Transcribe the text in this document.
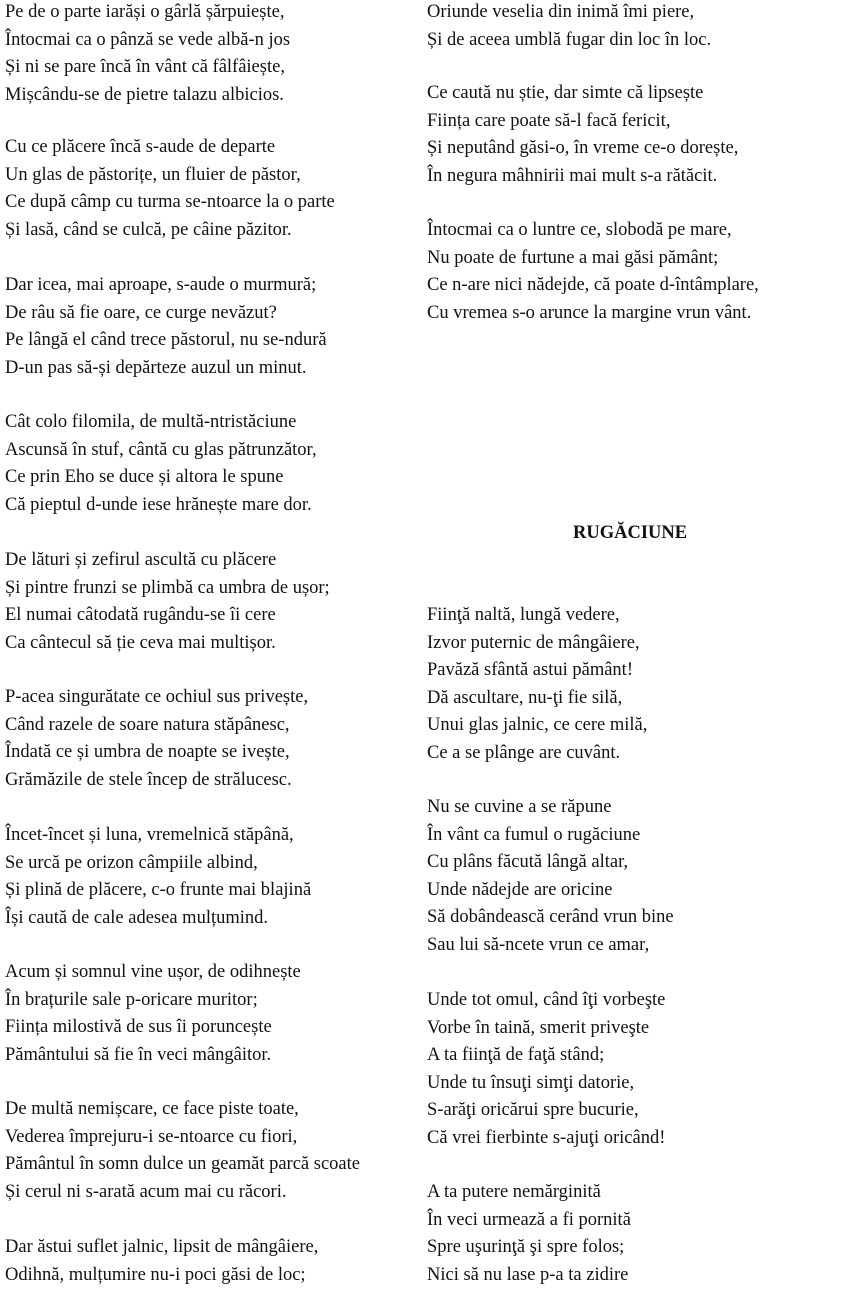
Pe de o parte iarăși o gârlă șărpuiește,
Întocmai ca o pânză se vede albă-n jos
Și ni se pare încă în vânt că fâlfâiește,
Mișcându-se de pietre talazu albicios.
Cu ce plăcere încă s-aude de departe
Un glas de păstorițe, un fluier de păstor,
Ce după câmp cu turma se-ntoarce la o parte
Și lasă, când se culcă, pe câine păzitor.
Dar icea, mai aproape, s-aude o murmură;
De râu să fie oare, ce curge nevăzut?
Pe lângă el când trece păstorul, nu se-ndură
D-un pas să-și depărteze auzul un minut.
Cât colo filomila, de multă-ntristăciune
Ascunsă în stuf, cântă cu glas pătrunzător,
Ce prin Eho se duce și altora le spune
Că pieptul d-unde iese hrănește mare dor.
De lături și zefirul ascultă cu plăcere
Și pintre frunzi se plimbă ca umbra de ușor;
El numai câtodată rugându-se îi cere
Ca cântecul să ție ceva mai multișor.
P-acea singurătate ce ochiul sus privește,
Când razele de soare natura stăpânesc,
Îndată ce și umbra de noapte se ivește,
Grămăzile de stele încep de strălucesc.
Încet-încet și luna, vremelnică stăpână,
Se urcă pe orizon câmpiile albind,
Și plină de plăcere, c-o frunte mai blajină
Își caută de cale adesea mulțumind.
Acum și somnul vine ușor, de odihnește
În brațurile sale p-oricare muritor;
Ființa milostivă de sus îi poruncește
Pământului să fie în veci mângâitor.
De multă nemișcare, ce face piste toate,
Vederea împrejuru-i se-ntoarce cu fiori,
Pământul în somn dulce un geamăt parcă scoate
Și cerul ni s-arată acum mai cu răcori.
Dar ăstui suflet jalnic, lipsit de mângâiere,
Odihnă, mulțumire nu-i poci găsi de loc;
Oriunde veselia din inimă îmi piere,
Și de aceea umblă fugar din loc în loc.
Ce caută nu știe, dar simte că lipsește
Ființa care poate să-l facă fericit,
Și neputând găsi-o, în vreme ce-o dorește,
În negura mâhnirii mai mult s-a rătăcit.
Întocmai ca o luntre ce, slobodă pe mare,
Nu poate de furtune a mai găsi pământ;
Ce n-are nici nădejde, că poate d-întâmplare,
Cu vremea s-o arunce la margine vrun vânt.
RUGĂCIUNE
Fiinţă naltă, lungă vedere,
Izvor puternic de mângâiere,
Pavăză sfântă astui pământ!
Dă ascultare, nu-ţi fie silă,
Unui glas jalnic, ce cere milă,
Ce a se plânge are cuvânt.
Nu se cuvine a se răpune
În vânt ca fumul o rugăciune
Cu plâns făcută lângă altar,
Unde nădejde are oricine
Să dobândească cerând vrun bine
Sau lui să-ncete vrun ce amar,
Unde tot omul, când îţi vorbeşte
Vorbe în taină, smerit priveşte
A ta fiinţă de faţă stând;
Unde tu însuţi simţi datorie,
S-arăţi oricărui spre bucurie,
Că vrei fierbinte s-ajuţi oricând!
A ta putere nemărginită
În veci urmează a fi pornită
Spre uşurinţă şi spre folos;
Nici să nu lase p-a ta zidire
